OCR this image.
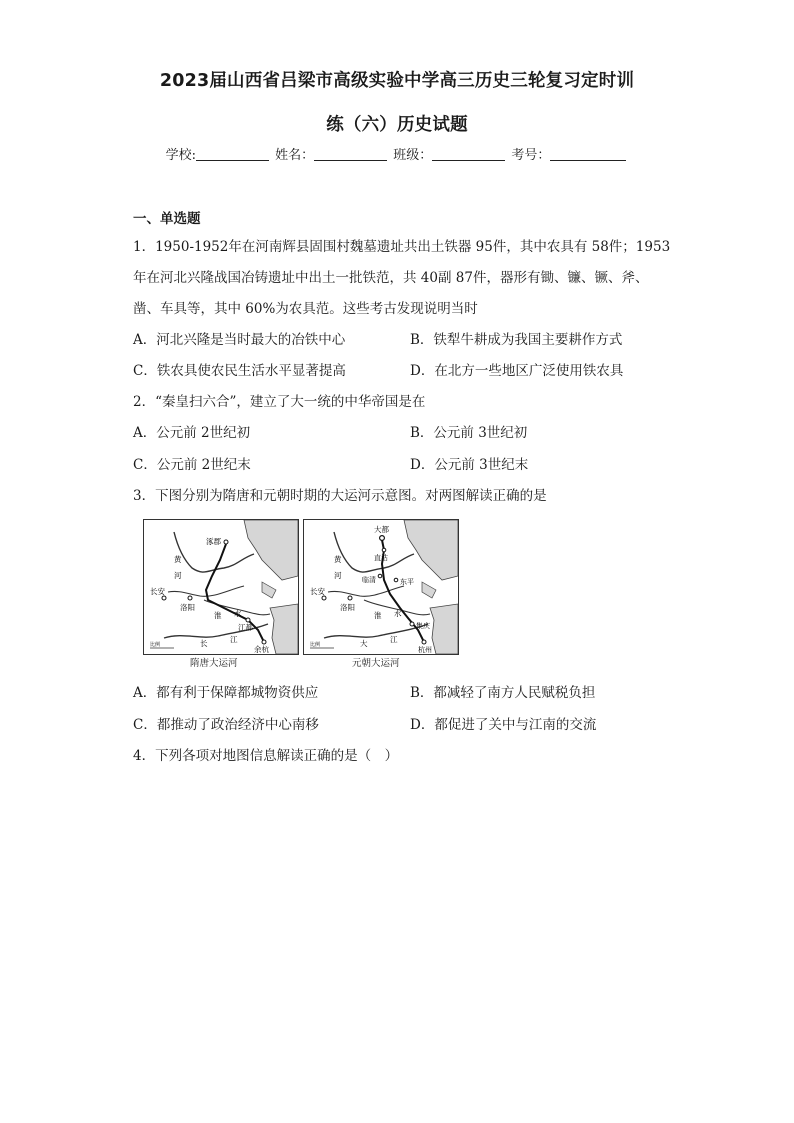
2023届山西省吕梁市高级实验中学高三历史三轮复习定时训
练（六）历史试题
学校:	姓名：	班级：	考号：
一、单选题
1．1950-1952年在河南辉县固围村魏墓遗址共出土铁器 95件，其中农具有 58件；1953
年在河北兴隆战国冶铸遗址中出土一批铁范，共 40副 87件，器形有锄、镰、镢、斧、
凿、车具等，其中 60%为农具范。这些考古发现说明当时
A．河北兴隆是当时最大的冶铁中心	B．铁犁牛耕成为我国主要耕作方式
C．铁农具使农民生活水平显著提高	D．在北方一些地区广泛使用铁农具
2．“秦皇扫六合”，建立了大一统的中华帝国是在
A．公元前 2世纪初	B．公元前 3世纪初
C．公元前 2世纪末	D．公元前 3世纪末
3．下图分别为隋唐和元朝时期的大运河示意图。对两图解读正确的是
涿郡
黄
河
长安
洛阳
淮 水
江都
余杭
长	江
比例
隋唐大运河
大都
直沽
黄
河	临清	东平
长安
洛阳
淮 水
集庆
杭州
大	江
比例
元朝大运河
A．都有利于保障都城物资供应	B．都减轻了南方人民赋税负担
C．都推动了政治经济中心南移	D．都促进了关中与江南的交流
4．下列各项对地图信息解读正确的是（　）
